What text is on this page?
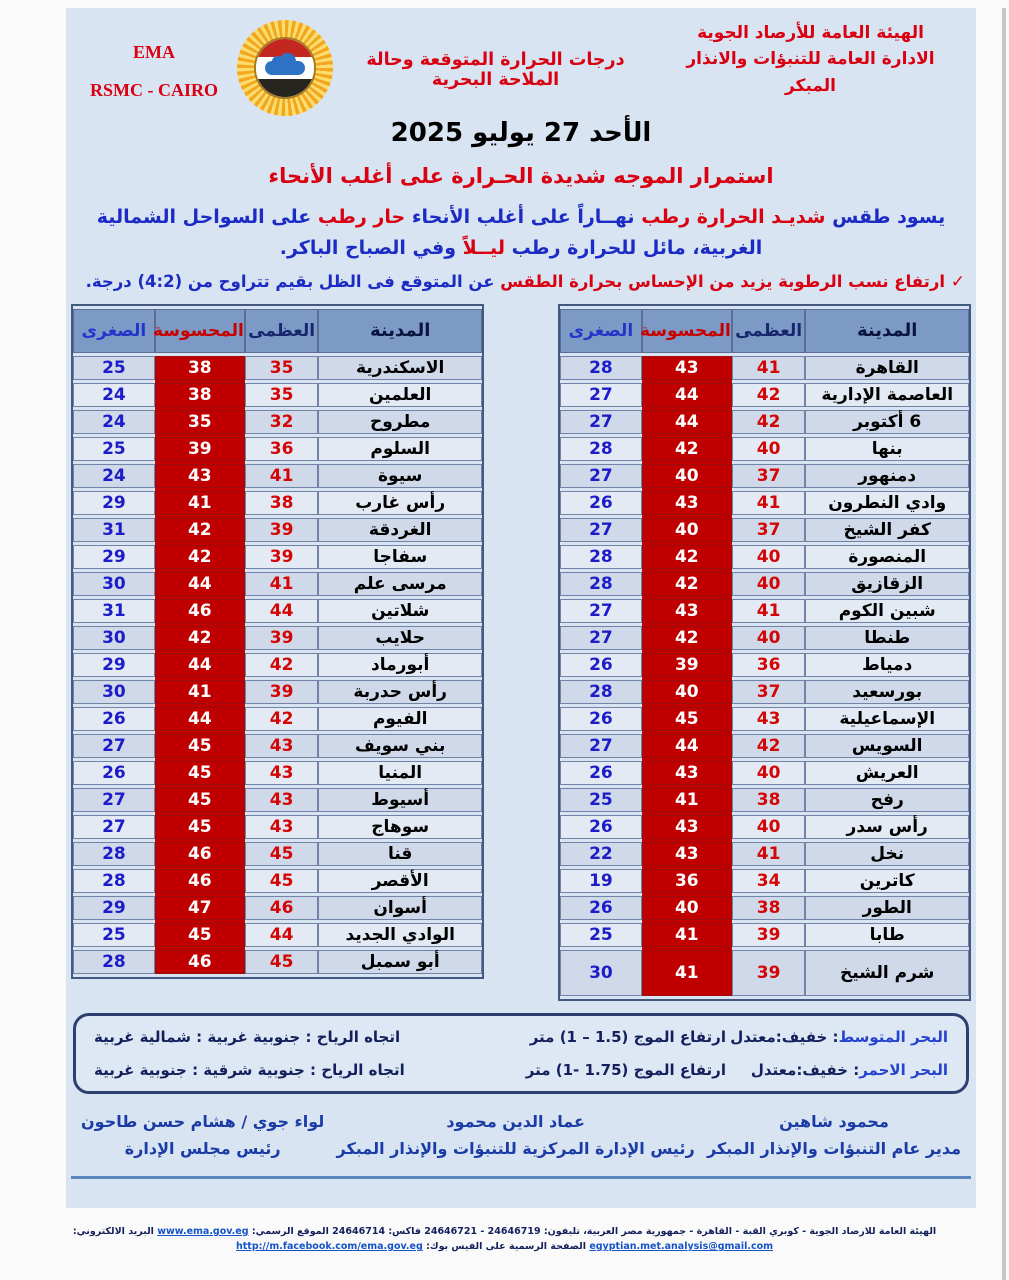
الهيئة العامة للأرصاد الجوية
الادارة العامة للتنبؤات والانذار المبكر
درجات الحرارة المتوقعة وحالة الملاحة البحرية
EMA
RSMC - CAIRO
الأحد 27 يوليو 2025
استمرار الموجه شديدة الحـرارة على أغلب الأنحاء

يسود طقس شديـد الحرارة رطب نهــاراً على أغلب الأنحاء حار رطب على السواحل الشمالية الغربية، مائل للحرارة رطب ليــلاً وفي الصباح الباكر.

✓ ارتفاع نسب الرطوبة يزيد من الإحساس بحرارة الطقس عن المتوقع فى الظل بقيم تتراوح من (4:2) درجة.
المدينة	العظمى	المحسوسة	الصغرى
القاهرة	41	43	28
العاصمة الإدارية	42	44	27
6 أكتوبر	42	44	27
بنها	40	42	28
دمنهور	37	40	27
وادي النطرون	41	43	26
كفر الشيخ	37	40	27
المنصورة	40	42	28
الزقازيق	40	42	28
شبين الكوم	41	43	27
طنطا	40	42	27
دمياط	36	39	26
بورسعيد	37	40	28
الإسماعيلية	43	45	26
السويس	42	44	27
العريش	40	43	26
رفح	38	41	25
رأس سدر	40	43	26
نخل	41	43	22
كاترين	34	36	19
الطور	38	40	26
طابا	39	41	25
شرم الشيخ	39	41	30
المدينة	العظمى	المحسوسة	الصغرى
الاسكندرية	35	38	25
العلمين	35	38	24
مطروح	32	35	24
السلوم	36	39	25
سيوة	41	43	24
رأس غارب	38	41	29
الغردقة	39	42	31
سفاجا	39	42	29
مرسى علم	41	44	30
شلاتين	44	46	31
حلايب	39	42	30
أبورماد	42	44	29
رأس حدربة	39	41	30
الفيوم	42	44	26
بني سويف	43	45	27
المنيا	43	45	26
أسيوط	43	45	27
سوهاج	43	45	27
قنا	45	46	28
الأقصر	45	46	28
أسوان	46	47	29
الوادي الجديد	44	45	25
أبو سمبل	45	46	28
البحر المتوسط: خفيف:معتدل
ارتفاع الموج (1 – 1.5) متر
اتجاه الرياح : جنوبية غربية : شمالية غربية
البحر الاحمر: خفيف:معتدل
ارتفاع الموج (1- 1.75) متر
اتجاه الرياح : جنوبية شرقية : جنوبية غربية
محمود شاهين
مدير عام التنبؤات والإنذار المبكر
عماد الدين محمود
رئيس الإدارة المركزية للتنبؤات والإنذار المبكر
لواء جوي / هشام حسن طاحون
رئيس مجلس الإدارة
الهيئة العامة للارصاد الجوية - كوبري القبة - القاهرة - جمهورية مصر العربية، تليفون: 24646719 - 24646721 فاكس: 24646714 الموقع الرسمي: www.ema.gov.eg البريد الالكتروني: egyptian.met.analysis@gmail.com الصفحة الرسمية على الفيس بوك: http://m.facebook.com/ema.gov.eg
